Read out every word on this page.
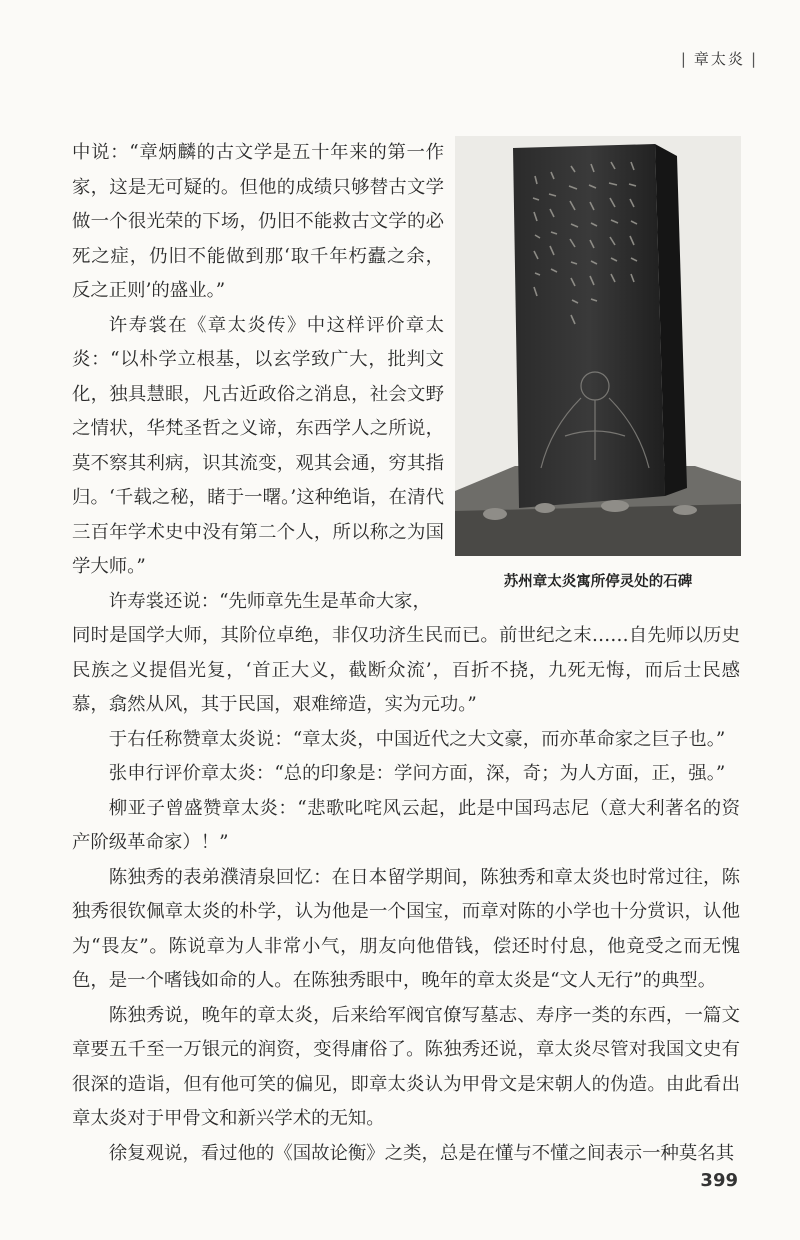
| 章太炎 |
苏州章太炎寓所停灵处的石碑

中说：“章炳麟的古文学是五十年来的第一作家，这是无可疑的。但他的成绩只够替古文学做一个很光荣的下场，仍旧不能救古文学的必死之症，仍旧不能做到那‘取千年朽蠹之余，反之正则’的盛业。”

许寿裳在《章太炎传》中这样评价章太炎：“以朴学立根基，以玄学致广大，批判文化，独具慧眼，凡古近政俗之消息，社会文野之情状，华梵圣哲之义谛，东西学人之所说，莫不察其利病，识其流变，观其会通，穷其指归。‘千载之秘，睹于一曙。’这种绝诣，在清代三百年学术史中没有第二个人，所以称之为国学大师。”

许寿裳还说：“先师章先生是革命大家，

同时是国学大师，其阶位卓绝，非仅功济生民而已。前世纪之末……自先师以历史民族之义提倡光复，‘首正大义，截断众流’，百折不挠，九死无悔，而后士民感慕，翕然从风，其于民国，艰难缔造，实为元功。”

于右任称赞章太炎说：“章太炎，中国近代之大文豪，而亦革命家之巨子也。”

张申行评价章太炎：“总的印象是：学问方面，深，奇；为人方面，正，强。”

柳亚子曾盛赞章太炎：“悲歌叱咤风云起，此是中国玛志尼（意大利著名的资产阶级革命家）！”

陈独秀的表弟濮清泉回忆：在日本留学期间，陈独秀和章太炎也时常过往，陈独秀很钦佩章太炎的朴学，认为他是一个国宝，而章对陈的小学也十分赏识，认他为“畏友”。陈说章为人非常小气，朋友向他借钱，偿还时付息，他竟受之而无愧色，是一个嗜钱如命的人。在陈独秀眼中，晚年的章太炎是“文人无行”的典型。

陈独秀说，晚年的章太炎，后来给军阀官僚写墓志、寿序一类的东西，一篇文章要五千至一万银元的润资，变得庸俗了。陈独秀还说，章太炎尽管对我国文史有很深的造诣，但有他可笑的偏见，即章太炎认为甲骨文是宋朝人的伪造。由此看出章太炎对于甲骨文和新兴学术的无知。

徐复观说，看过他的《国故论衡》之类，总是在懂与不懂之间表示一种莫名其

399
